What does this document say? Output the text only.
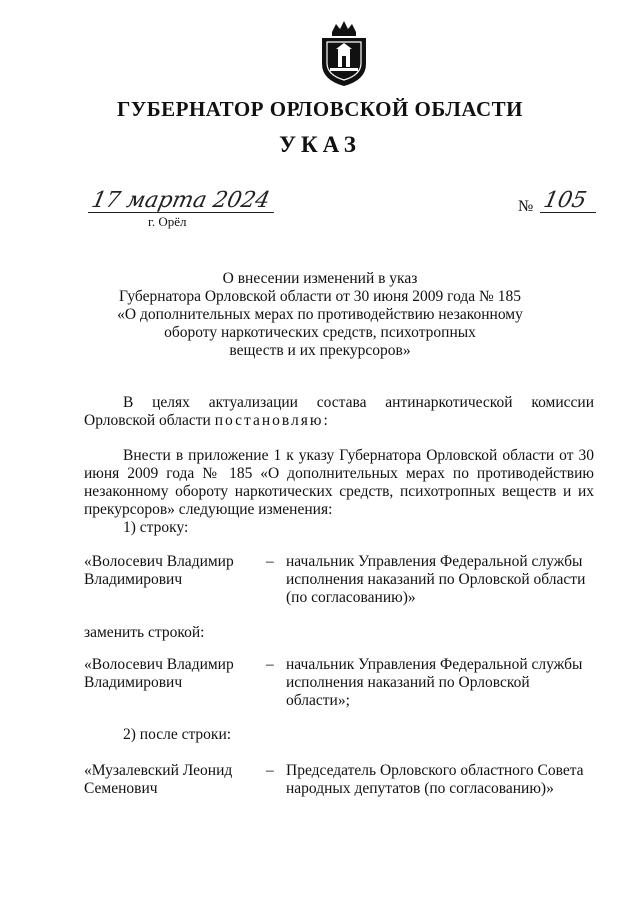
ГУБЕРНАТОР ОРЛОВСКОЙ ОБЛАСТИ
УКАЗ
17 марта 2024
г. Орёл
№ 105
О внесении изменений в указ
Губернатора Орловской области от 30 июня 2009 года № 185
«О дополнительных мерах по противодействию незаконному
обороту наркотических средств, психотропных
веществ и их прекурсоров»
В целях актуализации состава антинаркотической комиссии Орловской области постановляю:
Внести в приложение 1 к указу Губернатора Орловской области от 30 июня 2009 года № 185 «О дополнительных мерах по противодействию незаконному обороту наркотических средств, психотропных веществ и их прекурсоров» следующие изменения:
1) строку:
«Волосевич Владимир Владимирович
– начальник Управления Федеральной службы исполнения наказаний по Орловской области (по согласованию)»
заменить строкой:
«Волосевич Владимир Владимирович
– начальник Управления Федеральной службы исполнения наказаний по Орловской области»;
2) после строки:
«Музалевский Леонид Семенович
– Председатель Орловского областного Совета народных депутатов (по согласованию)»
